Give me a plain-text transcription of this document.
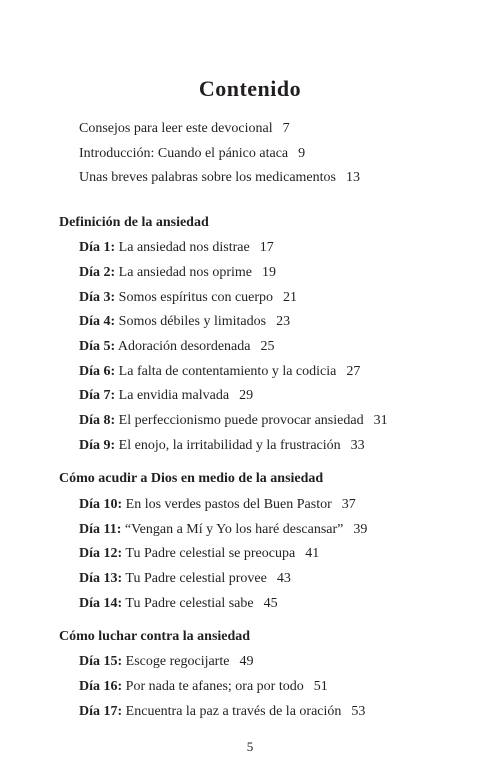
Contenido
Consejos para leer este devocional 7
Introducción: Cuando el pánico ataca 9
Unas breves palabras sobre los medicamentos 13
Definición de la ansiedad
Día 1: La ansiedad nos distrae 17
Día 2: La ansiedad nos oprime 19
Día 3: Somos espíritus con cuerpo 21
Día 4: Somos débiles y limitados 23
Día 5: Adoración desordenada 25
Día 6: La falta de contentamiento y la codicia 27
Día 7: La envidia malvada 29
Día 8: El perfeccionismo puede provocar ansiedad 31
Día 9: El enojo, la irritabilidad y la frustración 33
Cómo acudir a Dios en medio de la ansiedad
Día 10: En los verdes pastos del Buen Pastor 37
Día 11: “Vengan a Mí y Yo los haré descansar” 39
Día 12: Tu Padre celestial se preocupa 41
Día 13: Tu Padre celestial provee 43
Día 14: Tu Padre celestial sabe 45
Cómo luchar contra la ansiedad
Día 15: Escoge regocijarte 49
Día 16: Por nada te afanes; ora por todo 51
Día 17: Encuentra la paz a través de la oración 53
5
